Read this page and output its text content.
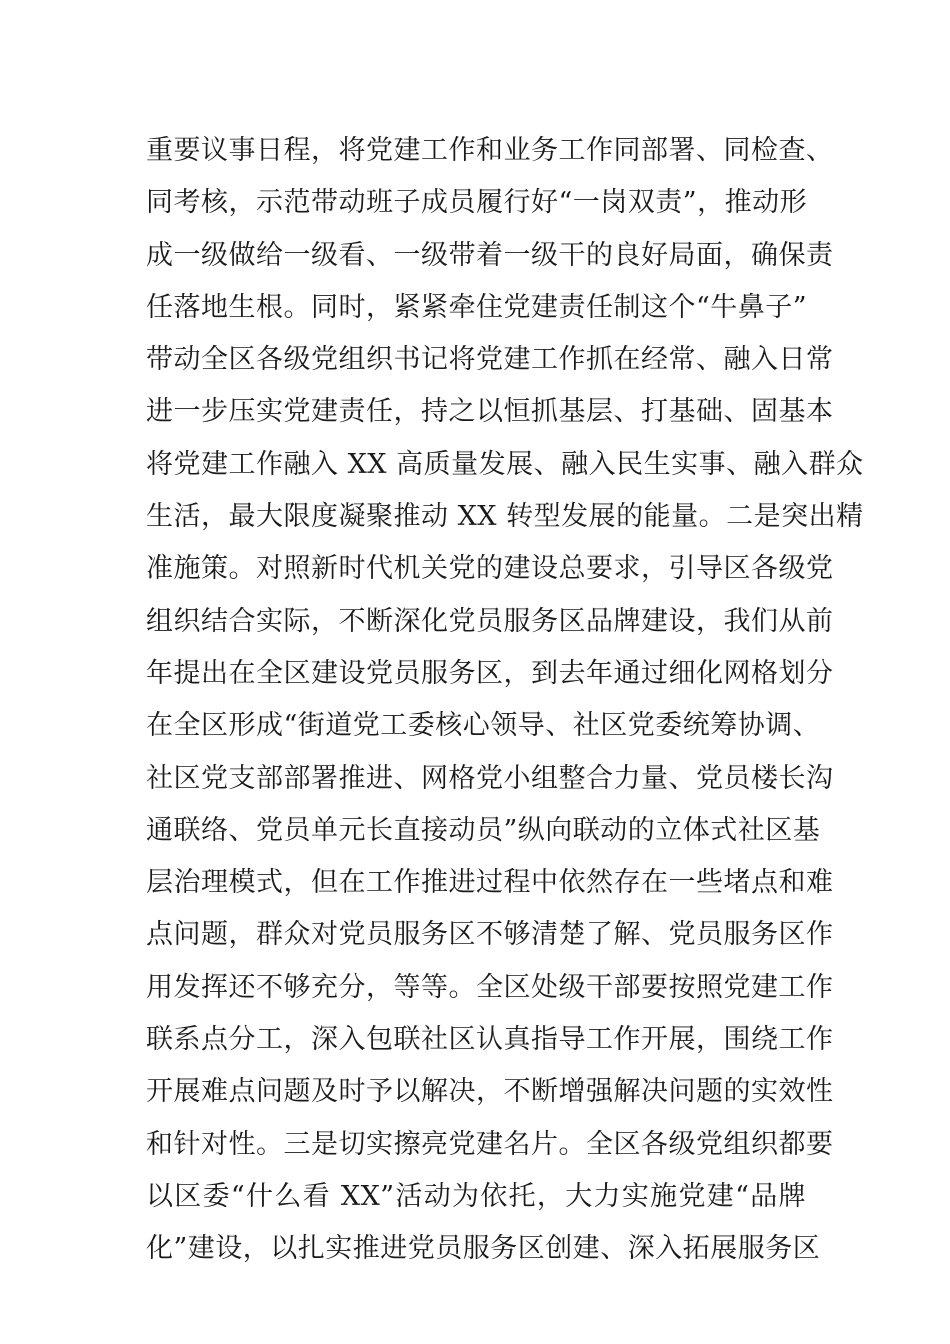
重要议事日程，将党建工作和业务工作同部署、同检查、
同考核，示范带动班子成员履行好“一岗双责”，推动形
成一级做给一级看、一级带着一级干的良好局面，确保责
任落地生根。同时，紧紧牵住党建责任制这个“牛鼻子”
带动全区各级党组织书记将党建工作抓在经常、融入日常
进一步压实党建责任，持之以恒抓基层、打基础、固基本
将党建工作融入 XX 高质量发展、融入民生实事、融入群众
生活，最大限度凝聚推动 XX 转型发展的能量。二是突出精
准施策。对照新时代机关党的建设总要求，引导区各级党
组织结合实际，不断深化党员服务区品牌建设，我们从前
年提出在全区建设党员服务区，到去年通过细化网格划分
在全区形成“街道党工委核心领导、社区党委统筹协调、
社区党支部部署推进、网格党小组整合力量、党员楼长沟
通联络、党员单元长直接动员”纵向联动的立体式社区基
层治理模式，但在工作推进过程中依然存在一些堵点和难
点问题，群众对党员服务区不够清楚了解、党员服务区作
用发挥还不够充分，等等。全区处级干部要按照党建工作
联系点分工，深入包联社区认真指导工作开展，围绕工作
开展难点问题及时予以解决，不断增强解决问题的实效性
和针对性。三是切实擦亮党建名片。全区各级党组织都要
以区委“什么看 XX”活动为依托，大力实施党建“品牌
化”建设，以扎实推进党员服务区创建、深入拓展服务区
